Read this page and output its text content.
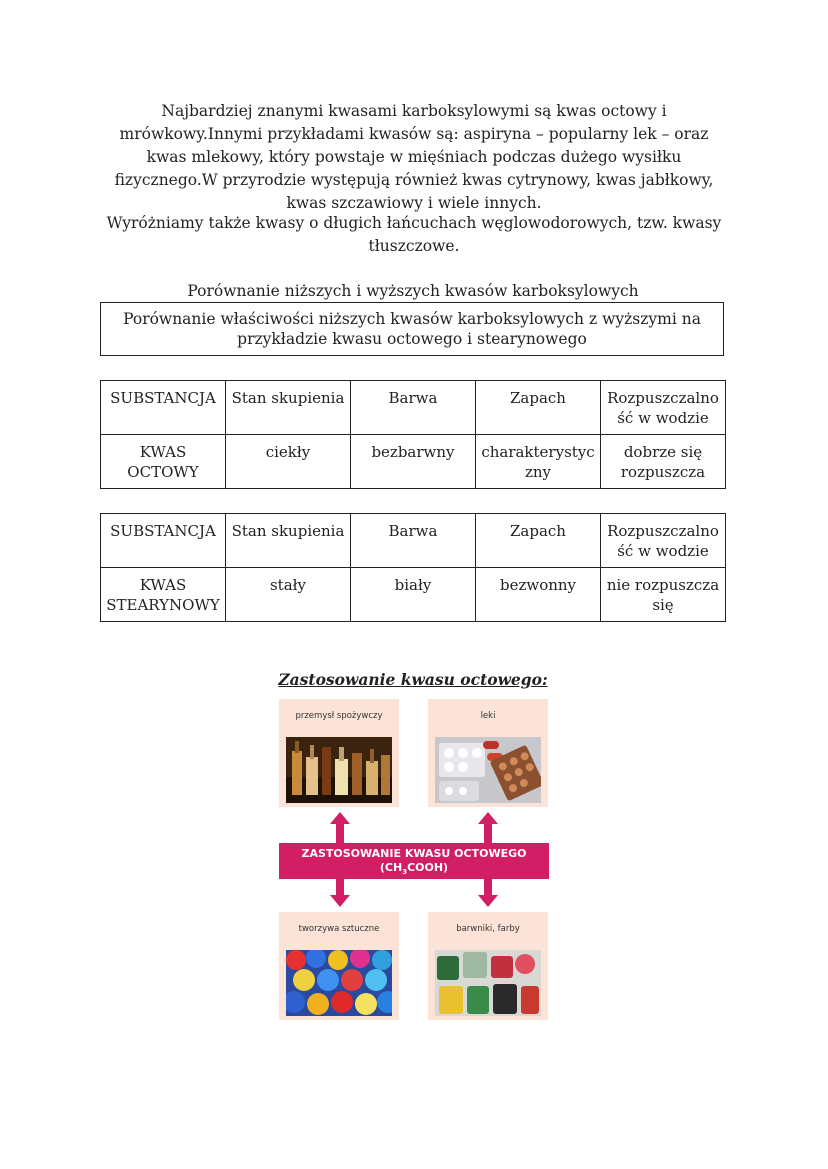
Najbardziej znanymi kwasami karboksylowymi są kwas octowy i mrówkowy.Innymi przykładami kwasów są: aspiryna – popularny lek – oraz kwas mlekowy, który powstaje w mięśniach podczas dużego wysiłku fizycznego.W przyrodzie występują również kwas cytrynowy, kwas jabłkowy, kwas szczawiowy i wiele innych.

Wyróżniamy także kwasy o długich łańcuchach węglowodorowych, tzw. kwasy tłuszczowe.

Porównanie niższych i wyższych kwasów karboksylowych

Porównanie właściwości niższych kwasów karboksylowych z wyższymi na przykładzie kwasu octowego i stearynowego
SUBSTANCJA	Stan skupienia	Barwa	Zapach	Rozpuszczalność w wodzie
KWAS OCTOWY	ciekły	bezbarwny	charakterystyczny	dobrze się rozpuszcza
SUBSTANCJA	Stan skupienia	Barwa	Zapach	Rozpuszczalność w wodzie
KWAS STEARYNOWY	stały	biały	bezwonny	nie rozpuszcza się
Zastosowanie kwasu octowego:
przemysł spożywczy	leki
ZASTOSOWANIE KWASU OCTOWEGO
$(CH_3COOH)$
tworzywa sztuczne	barwniki, farby
